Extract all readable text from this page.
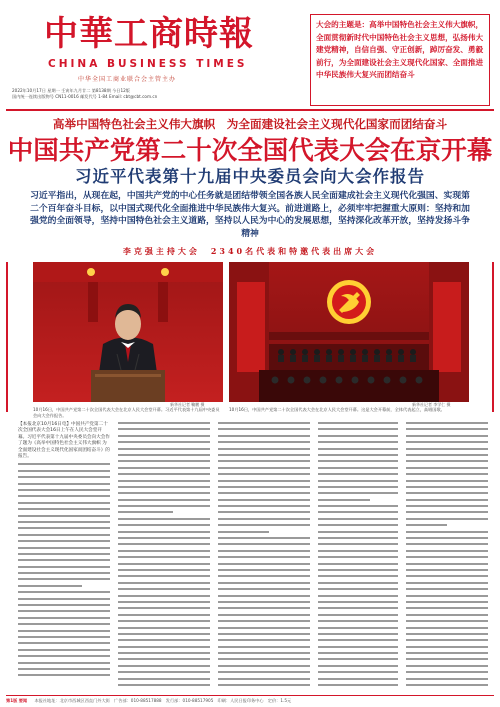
中華工商時報
CHINA BUSINESS TIMES
中华全国工商业联合会主管主办
2022年10月17日 星期一 壬寅年九月廿二 第8138期 今日12版
国内统一连续出版物号 CN11-0016 邮发代号 1-84 Email: cbt@cbt.com.cn
大会的主题是：高举中国特色社会主义伟大旗帜，全面贯彻新时代中国特色社会主义思想，弘扬伟大建党精神，自信自强、守正创新，踔厉奋发、勇毅前行，为全面建设社会主义现代化国家、全面推进中华民族伟大复兴而团结奋斗
高举中国特色社会主义伟大旗帜　为全面建设社会主义现代化国家而团结奋斗
中国共产党第二十次全国代表大会在京开幕
习近平代表第十九届中央委员会向大会作报告
习近平指出，从现在起，中国共产党的中心任务就是团结带领全国各族人民全面建成社会主义现代化强国、实现第二个百年奋斗目标，以中国式现代化全面推进中华民族伟大复兴。前进道路上，必须牢牢把握重大原则：坚持和加强党的全面领导，坚持中国特色社会主义道路，坚持以人民为中心的发展思想，坚持深化改革开放，坚持发扬斗争精神
李克强主持大会　2340名代表和特邀代表出席大会
新华社记者 鞠鹏 摄	新华社记者 李学仁 摄
10月16日，中国共产党第二十次全国代表大会在北京人民大会堂开幕。习近平代表第十九届中央委员会向大会作报告。
10月16日，中国共产党第二十次全国代表大会在北京人民大会堂开幕。这是大会开幕前，全体代表起立，高唱国歌。

【本报北京10月16日电】中国共产党第二十次全国代表大会16日上午在人民大会堂开幕。习近平代表第十九届中央委员会向大会作了题为《高举中国特色社会主义伟大旗帜 为全面建设社会主义现代化国家而团结奋斗》的报告。

第1版 要闻 本报社地址：北京市西城区西直门外大街　广告部：010-88517888　发行部：010-88517905　印刷：人民日报印务中心　定价：1.5元
